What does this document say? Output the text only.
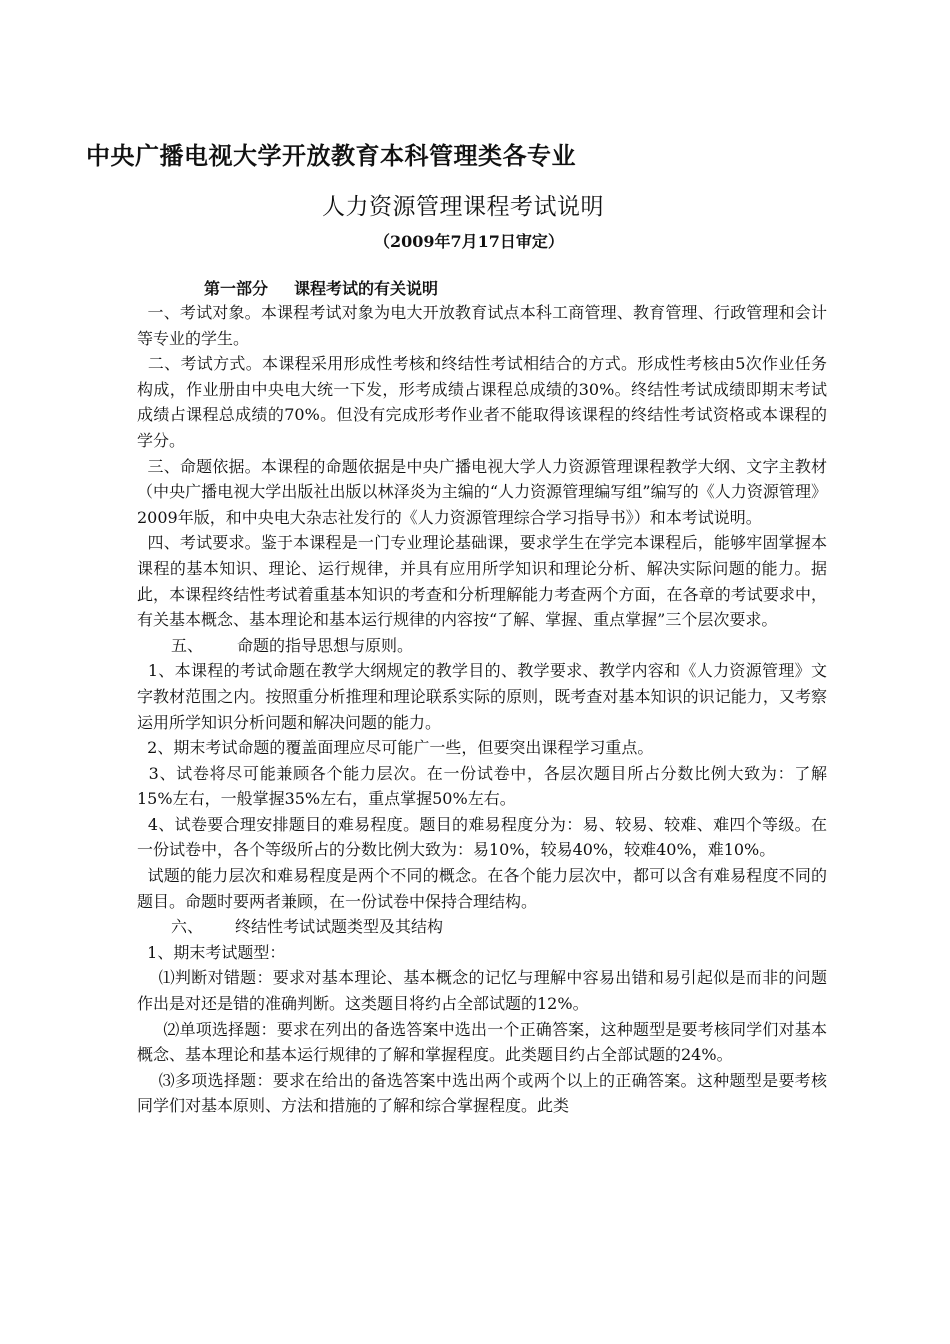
中央广播电视大学开放教育本科管理类各专业
人力资源管理课程考试说明
（2009年7月17日审定）
第一部分 课程考试的有关说明

一、考试对象。本课程考试对象为电大开放教育试点本科工商管理、教育管理、行政管理和会计等专业的学生。

二、考试方式。本课程采用形成性考核和终结性考试相结合的方式。形成性考核由5次作业任务构成，作业册由中央电大统一下发，形考成绩占课程总成绩的30%。终结性考试成绩即期末考试成绩占课程总成绩的70%。但没有完成形考作业者不能取得该课程的终结性考试资格或本课程的学分。

三、命题依据。本课程的命题依据是中央广播电视大学人力资源管理课程教学大纲、文字主教材（中央广播电视大学出版社出版以林泽炎为主编的“人力资源管理编写组”编写的《人力资源管理》2009年版，和中央电大杂志社发行的《人力资源管理综合学习指导书》）和本考试说明。

四、考试要求。鉴于本课程是一门专业理论基础课，要求学生在学完本课程后，能够牢固掌握本课程的基本知识、理论、运行规律，并具有应用所学知识和理论分析、解决实际问题的能力。据此，本课程终结性考试着重基本知识的考查和分析理解能力考查两个方面，在各章的考试要求中，有关基本概念、基本理论和基本运行规律的内容按“了解、掌握、重点掌握”三个层次要求。

五、 命题的指导思想与原则。

1、本课程的考试命题在教学大纲规定的教学目的、教学要求、教学内容和《人力资源管理》文字教材范围之内。按照重分析推理和理论联系实际的原则，既考查对基本知识的识记能力，又考察运用所学知识分析问题和解决问题的能力。

2、期末考试命题的覆盖面理应尽可能广一些，但要突出课程学习重点。

3、试卷将尽可能兼顾各个能力层次。在一份试卷中，各层次题目所占分数比例大致为：了解15%左右，一般掌握35%左右，重点掌握50%左右。

4、试卷要合理安排题目的难易程度。题目的难易程度分为：易、较易、较难、难四个等级。在一份试卷中，各个等级所占的分数比例大致为：易10%，较易40%，较难40%，难10%。

试题的能力层次和难易程度是两个不同的概念。在各个能力层次中，都可以含有难易程度不同的题目。命题时要两者兼顾，在一份试卷中保持合理结构。

六、 终结性考试试题类型及其结构

1、期末考试题型：

⑴判断对错题：要求对基本理论、基本概念的记忆与理解中容易出错和易引起似是而非的问题作出是对还是错的准确判断。这类题目将约占全部试题的12%。

⑵单项选择题：要求在列出的备选答案中选出一个正确答案，这种题型是要考核同学们对基本概念、基本理论和基本运行规律的了解和掌握程度。此类题目约占全部试题的24%。

⑶多项选择题：要求在给出的备选答案中选出两个或两个以上的正确答案。这种题型是要考核同学们对基本原则、方法和措施的了解和综合掌握程度。此类
